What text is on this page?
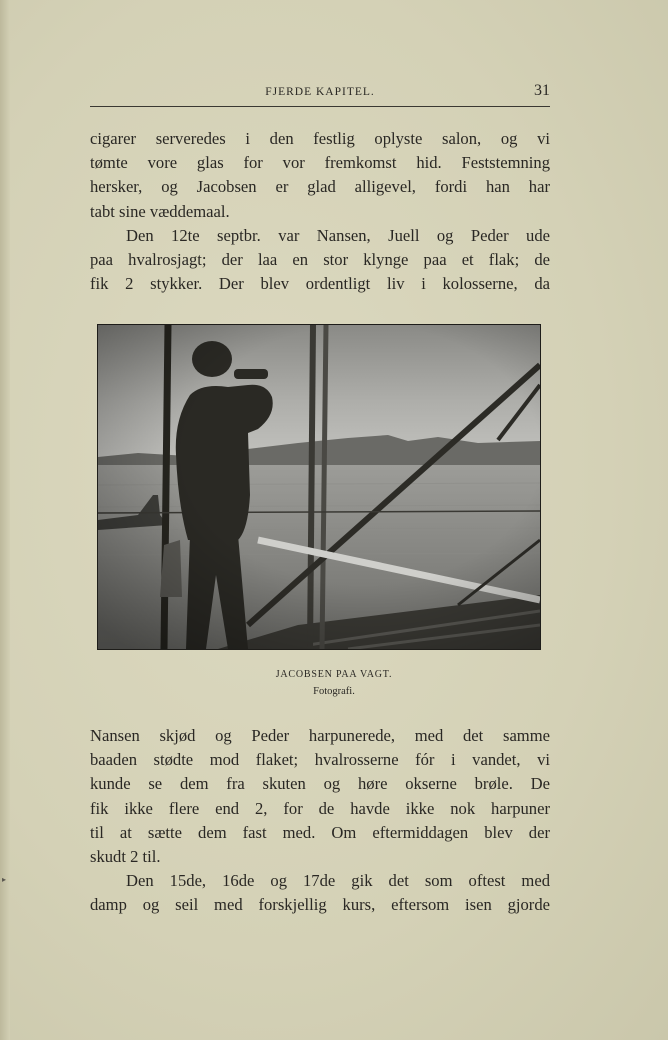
FJERDE KAPITEL.	31

cigarer serveredes i den festlig oplyste salon, og vi

tømte vore glas for vor fremkomst hid. Feststemning

hersker, og Jacobsen er glad alligevel, fordi han har

tabt sine væddemaal.

Den 12te septbr. var Nansen, Juell og Peder ude

paa hvalrosjagt; der laa en stor klynge paa et flak; de

fik 2 stykker. Der blev ordentligt liv i kolosserne, da

JACOBSEN PAA VAGT.
Fotografi.

Nansen skjød og Peder harpunerede, med det samme

baaden stødte mod flaket; hvalrosserne fór i vandet, vi

kunde se dem fra skuten og høre okserne brøle. De

fik ikke flere end 2, for de havde ikke nok harpuner

til at sætte dem fast med. Om eftermiddagen blev der

skudt 2 til.

Den 15de, 16de og 17de gik det som oftest med

damp og seil med forskjellig kurs, eftersom isen gjorde

▸
